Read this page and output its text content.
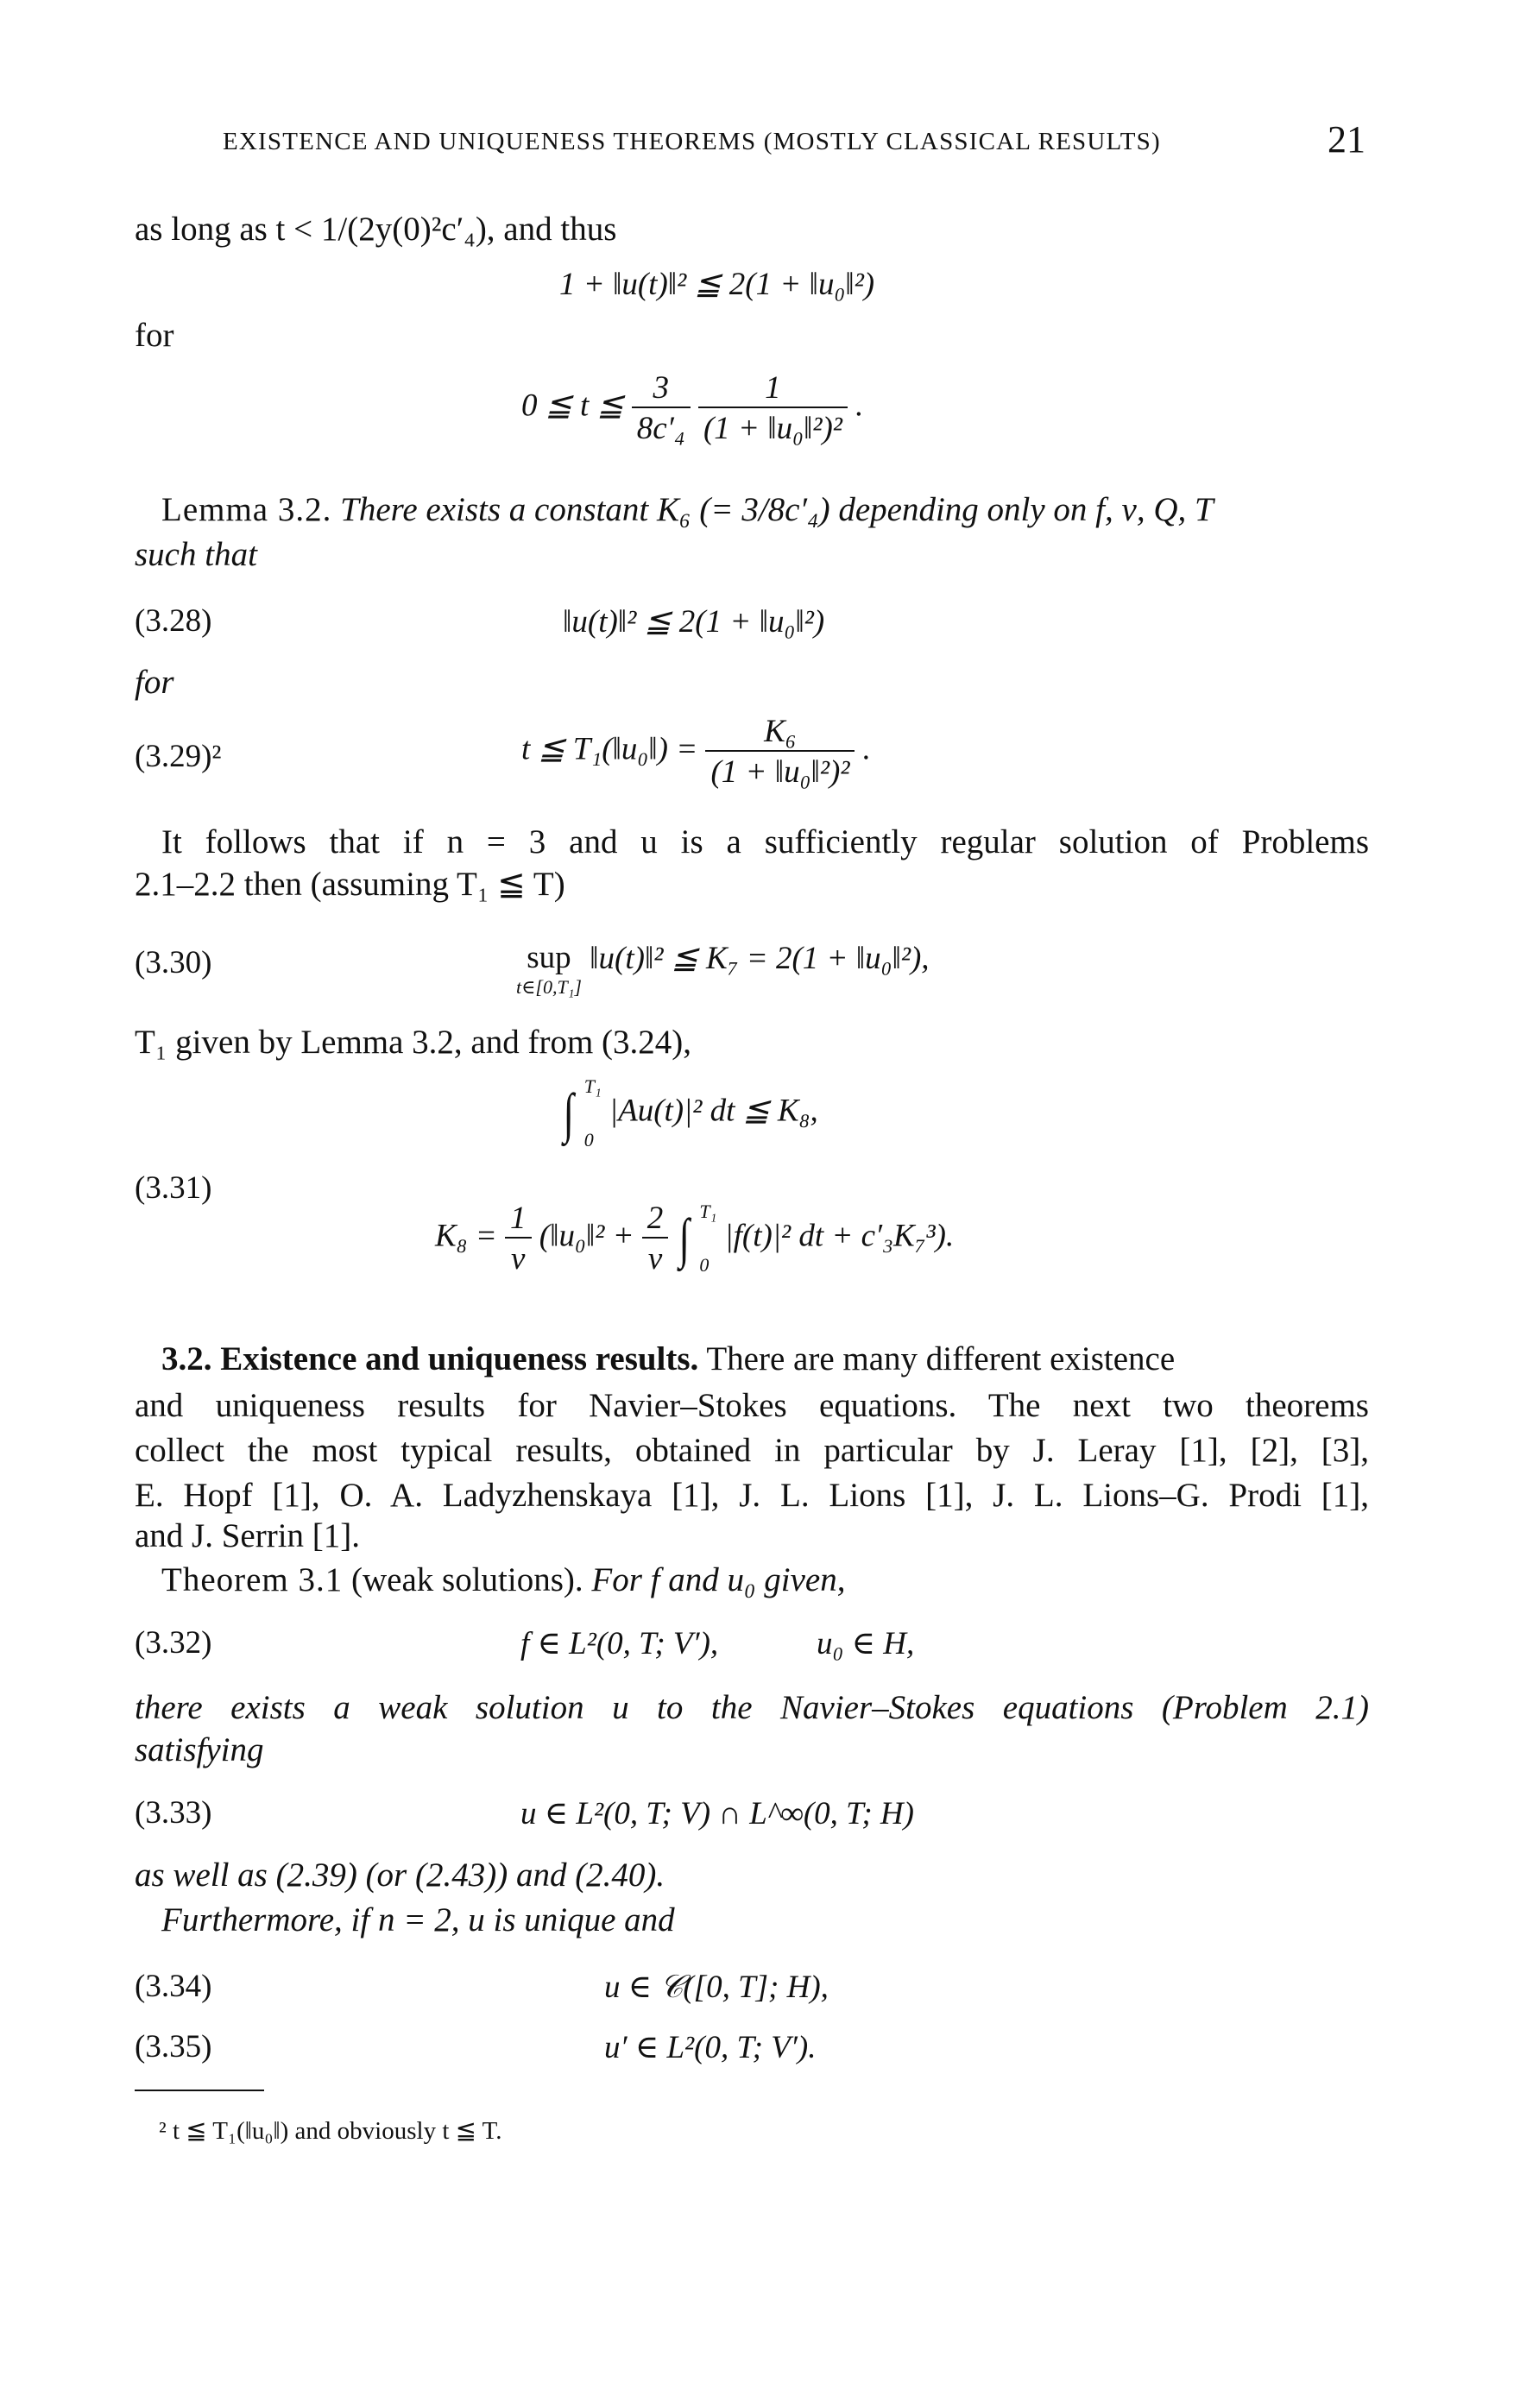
EXISTENCE AND UNIQUENESS THEOREMS (MOSTLY CLASSICAL RESULTS)	21
as long as t < 1/(2y(0)²c′₄), and thus
1 + ‖u(t)‖² ≦ 2(1 + ‖u₀‖²)
for
0 ≦ t ≦ $\frac{3}{\text{8c′₄}}$
$\frac{1}{\text{(1 + ‖u₀‖²)²}}$ .
Lemma 3.2. There exists a constant K₆ (= 3/8c′₄) depending only on f, ν, Q, T
such that
(3.28)	‖u(t)‖² ≦ 2(1 + ‖u₀‖²)
for
(3.29)²	t ≦ T₁(‖u₀‖) = $\frac{\text{K₆}}{\text{(1 + ‖u₀‖²)²}}$ .
It follows that if n = 3 and u is a sufficiently regular solution of Problems
2.1–2.2 then (assuming T₁ ≦ T)
(3.30)	sup
t∈[0,T₁]
‖u(t)‖² ≦ K₇ = 2(1 + ‖u₀‖²),
T₁ given by Lemma 3.2, and from (3.24),
∫ T₁
0
|Au(t)|² dt ≦ K₈,
(3.31)
$K_8 = \frac{1}{\nu}$ (‖u₀‖² + $\frac{2}{\nu}$ ∫ T₁
0
|f(t)|² dt + c′₃K₇³).
3.2. Existence and uniqueness results. There are many different existence
and uniqueness results for Navier–Stokes equations. The next two theorems
collect the most typical results, obtained in particular by J. Leray [1], [2], [3],
E. Hopf [1], O. A. Ladyzhenskaya [1], J. L. Lions [1], J. L. Lions–G. Prodi [1],
and J. Serrin [1].
Theorem 3.1 (weak solutions). For f and u₀ given,
(3.32)	f ∈ L²(0, T; V′),	u₀ ∈ H,
there exists a weak solution u to the Navier–Stokes equations (Problem 2.1)
satisfying
(3.33)	u ∈ L²(0, T; V) ∩ L^∞(0, T; H)
as well as (2.39) (or (2.43)) and (2.40).
Furthermore, if n = 2, u is unique and
(3.34)	u ∈ 𝒞([0, T]; H),
(3.35)	u′ ∈ L²(0, T; V′).
² t ≦ T₁(‖u₀‖) and obviously t ≦ T.
